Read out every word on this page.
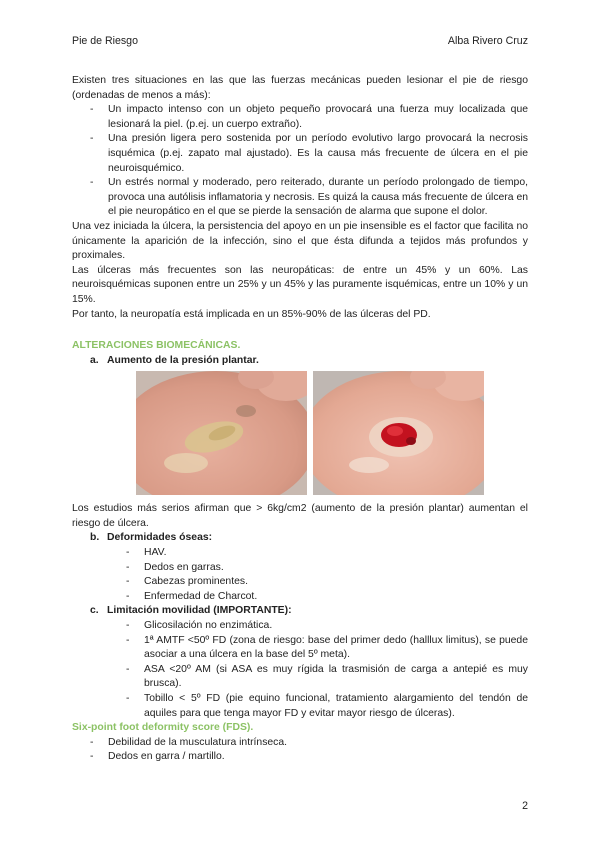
Pie de Riesgo	Alba Rivero Cruz

Existen tres situaciones en las que las fuerzas mecánicas pueden lesionar el pie de riesgo (ordenadas de menos a más):

- Un impacto intenso con un objeto pequeño provocará una fuerza muy localizada que lesionará la piel. (p.ej. un cuerpo extraño).
- Una presión ligera pero sostenida por un período evolutivo largo provocará la necrosis isquémica (p.ej. zapato mal ajustado). Es la causa más frecuente de úlcera en el pie neuroisquémico.
- Un estrés normal y moderado, pero reiterado, durante un período prolongado de tiempo, provoca una autólisis inflamatoria y necrosis. Es quizá la causa más frecuente de úlcera en el pie neuropático en el que se pierde la sensación de alarma que supone el dolor.

Una vez iniciada la úlcera, la persistencia del apoyo en un pie insensible es el factor que facilita no únicamente la aparición de la infección, sino el que ésta difunda a tejidos más profundos y proximales.

Las úlceras más frecuentes son las neuropáticas: de entre un 45% y un 60%. Las neuroisquémicas suponen entre un 25% y un 45% y las puramente isquémicas, entre un 10% y un 15%.

Por tanto, la neuropatía está implicada en un 85%-90% de las úlceras del PD.

ALTERACIONES BIOMECÁNICAS.
a. Aumento de la presión plantar.

Los estudios más serios afirman que > 6kg/cm2 (aumento de la presión plantar) aumentan el riesgo de úlcera.

b. Deformidades óseas:
- HAV.
- Dedos en garras.
- Cabezas prominentes.
- Enfermedad de Charcot.
c. Limitación movilidad (IMPORTANTE):
- Glicosilación no enzimática.
- 1ª AMTF <50º FD (zona de riesgo: base del primer dedo (halllux limitus), se puede asociar a una úlcera en la base del 5º meta).
- ASA <20º AM (si ASA es muy rígida la trasmisión de carga a antepié es muy brusca).
- Tobillo < 5º FD (pie equino funcional, tratamiento alargamiento del tendón de aquiles para que tenga mayor FD y evitar mayor riesgo de úlceras).
Six-point foot deformity score (FDS).
- Debilidad de la musculatura intrínseca.
- Dedos en garra / martillo.
2
